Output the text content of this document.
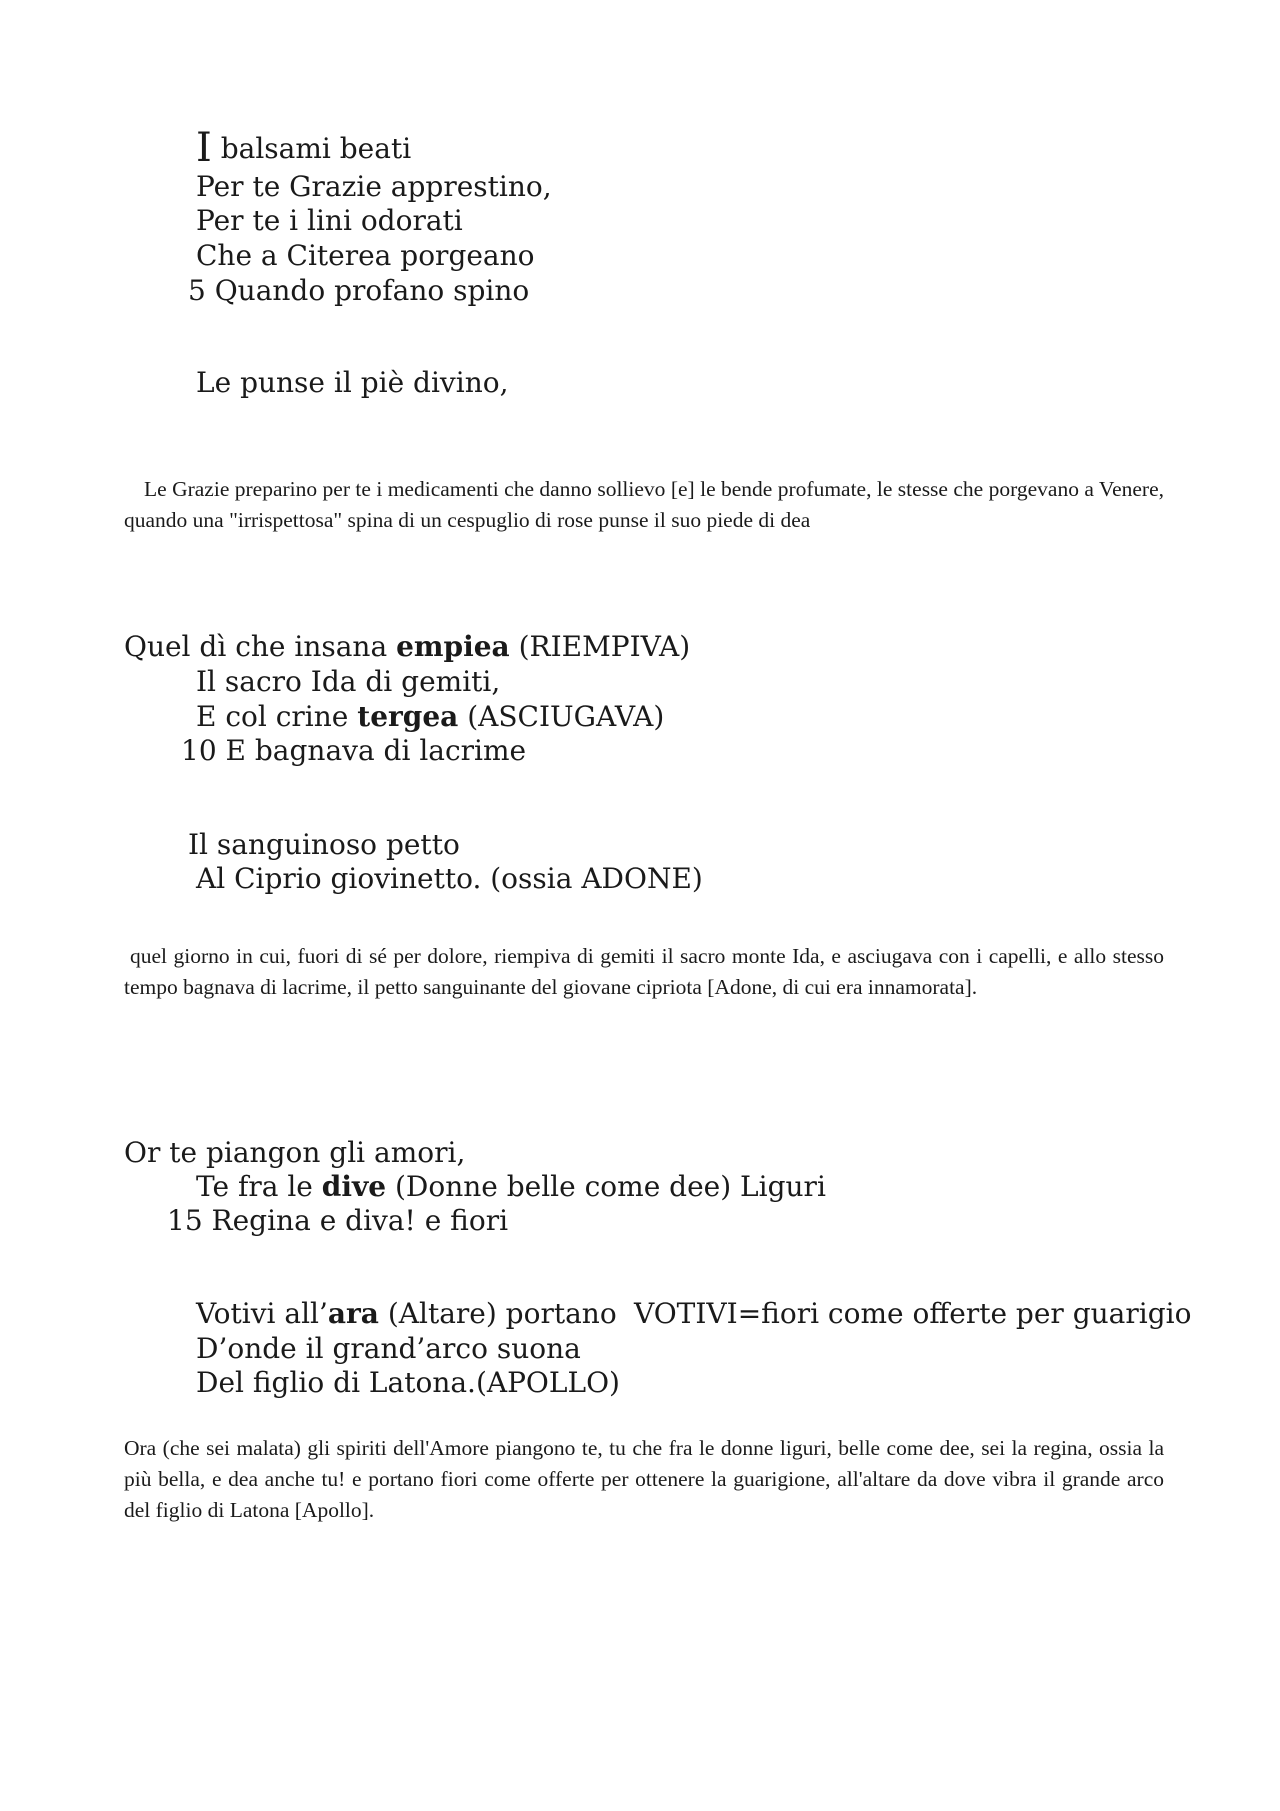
I balsami beati
Per te Grazie apprestino,
Per te i lini odorati
Che a Citerea porgeano
5 Quando profano spino
Le punse il piè divino,
Le Grazie preparino per te i medicamenti che danno sollievo [e] le bende profumate, le stesse che porgevano a Venere, quando una "irrispettosa" spina di un cespuglio di rose punse il suo piede di dea
Quel dì che insana empiea (RIEMPIVA)
Il sacro Ida di gemiti,
E col crine tergea (ASCIUGAVA)
10 E bagnava di lacrime
Il sanguinoso petto
Al Ciprio giovinetto. (ossia ADONE)
quel giorno in cui, fuori di sé per dolore, riempiva di gemiti il sacro monte Ida, e asciugava con i capelli, e allo stesso tempo bagnava di lacrime, il petto sanguinante del giovane cipriota [Adone, di cui era innamorata].
Or te piangon gli amori,
Te fra le dive (Donne belle come dee) Liguri
15 Regina e diva! e fiori
Votivi all’ara (Altare) portano VOTIVI=fiori come offerte per guarigio
D’onde il grand’arco suona
Del figlio di Latona.(APOLLO)
Ora (che sei malata) gli spiriti dell'Amore piangono te, tu che fra le donne liguri, belle come dee, sei la regina, ossia la più bella, e dea anche tu! e portano fiori come offerte per ottenere la guarigione, all'altare da dove vibra il grande arco del figlio di Latona [Apollo].
